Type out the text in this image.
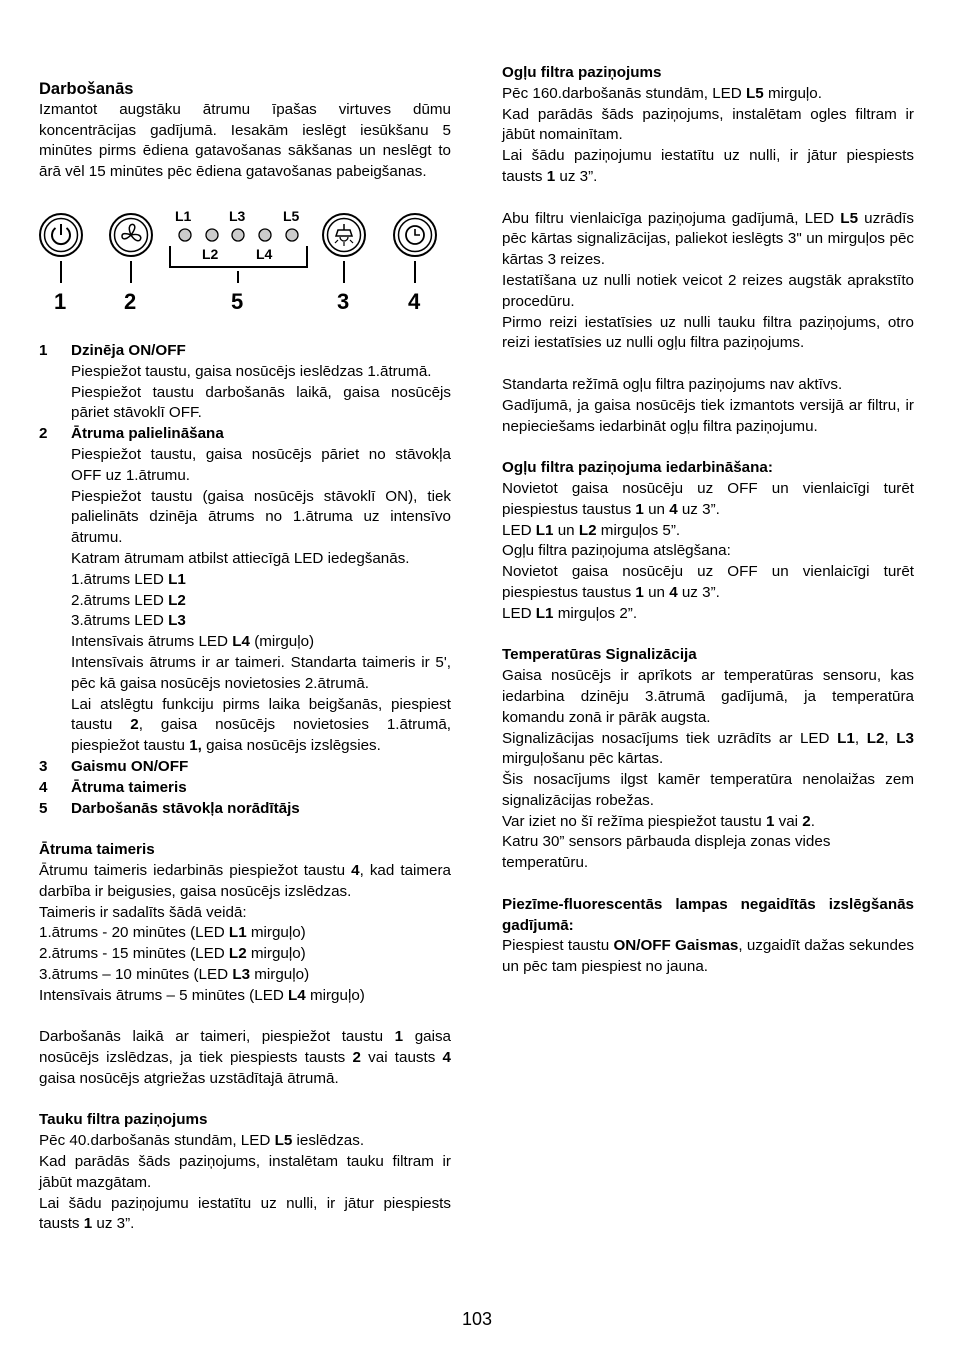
Darbošanās

Izmantot augstāku ātrumu īpašas virtuves dūmu koncentrācijas gadījumā. Iesakām ieslēgt iesūkšanu 5 minūtes pirms ēdiena gatavošanas sākšanas un neslēgt to ārā vēl 15 minūtes pēc ēdiena gatavošanas pabeigšanas.

L1	L3	L5
L2	L4
1	2	5	3	4
1 Dzinēja ON/OFF

Piespiežot taustu, gaisa nosūcējs ieslēdzas 1.ātrumā.

Piespiežot taustu darbošanās laikā, gaisa nosūcējs pāriet stāvoklī OFF.

2 Ātruma palielināšana

Piespiežot taustu, gaisa nosūcējs pāriet no stāvokļa OFF uz 1.ātrumu.

Piespiežot taustu (gaisa nosūcējs stāvoklī ON), tiek palielināts dzinēja ātrums no 1.ātruma uz intensīvo ātrumu.

Katram ātrumam atbilst attiecīgā LED iedegšanās.

1.ātrums LED L1

2.ātrums LED L2

3.ātrums LED L3

Intensīvais ātrums LED L4 (mirguļo)

Intensīvais ātrums ir ar taimeri. Standarta taimeris ir 5', pēc kā gaisa nosūcējs novietosies 2.ātrumā.

Lai atslēgtu funkciju pirms laika beigšanās, piespiest taustu 2, gaisa nosūcējs novietosies 1.ātrumā, piespiežot taustu 1, gaisa nosūcējs izslēgsies.

3 Gaismu ON/OFF
4 Ātruma taimeris
5 Darbošanās stāvokļa norādītājs

Ātruma taimeris

Ātrumu taimeris iedarbinās piespiežot taustu 4, kad taimera darbība ir beigusies, gaisa nosūcējs izslēdzas.

Taimeris ir sadalīts šādā veidā:

1.ātrums - 20 minūtes (LED L1 mirguļo)

2.ātrums - 15 minūtes (LED L2 mirguļo)

3.ātrums – 10 minūtes (LED L3 mirguļo)

Intensīvais ātrums – 5 minūtes (LED L4 mirguļo)

Darbošanās laikā ar taimeri, piespiežot taustu 1 gaisa nosūcējs izslēdzas, ja tiek piespiests tausts 2 vai tausts 4 gaisa nosūcējs atgriežas uzstādītajā ātrumā.

Tauku filtra paziņojums

Pēc 40.darbošanās stundām, LED L5 ieslēdzas.

Kad parādās šāds paziņojums, instalētam tauku filtram ir jābūt mazgātam.

Lai šādu paziņojumu iestatītu uz nulli, ir jātur piespiests tausts 1 uz 3”.

Ogļu filtra paziņojums

Pēc 160.darbošanās stundām, LED L5 mirguļo.

Kad parādās šāds paziņojums, instalētam ogles filtram ir jābūt nomainītam.

Lai šādu paziņojumu iestatītu uz nulli, ir jātur piespiests tausts 1 uz 3”.

Abu filtru vienlaicīga paziņojuma gadījumā, LED L5 uzrādīs pēc kārtas signalizācijas, paliekot ieslēgts 3" un mirguļos pēc kārtas 3 reizes.

Iestatīšana uz nulli notiek veicot 2 reizes augstāk aprakstīto procedūru.

Pirmo reizi iestatīsies uz nulli tauku filtra paziņojums, otro reizi iestatīsies uz nulli ogļu filtra paziņojums.

Standarta režīmā ogļu filtra paziņojums nav aktīvs.

Gadījumā, ja gaisa nosūcējs tiek izmantots versijā ar filtru, ir nepieciešams iedarbināt ogļu filtra paziņojumu.

Ogļu filtra paziņojuma iedarbināšana:

Novietot gaisa nosūcēju uz OFF un vienlaicīgi turēt piespiestus taustus 1 un 4 uz 3”.

LED L1 un L2 mirguļos 5”.

Ogļu filtra paziņojuma atslēgšana:

Novietot gaisa nosūcēju uz OFF un vienlaicīgi turēt piespiestus taustus 1 un 4 uz 3”.

LED L1 mirguļos 2”.

Temperatūras Signalizācija

Gaisa nosūcējs ir aprīkots ar temperatūras sensoru, kas iedarbina dzinēju 3.ātrumā gadījumā, ja temperatūra komandu zonā ir pārāk augsta.

Signalizācijas nosacījums tiek uzrādīts ar LED L1, L2, L3 mirguļošanu pēc kārtas.

Šis nosacījums ilgst kamēr temperatūra nenolaižas zem signalizācijas robežas.

Var iziet no šī režīma piespiežot taustu 1 vai 2.

Katru 30” sensors pārbauda displeja zonas vides temperatūru.

Piezīme-fluorescentās lampas negaidītās izslēgšanās gadījumā:

Piespiest taustu ON/OFF Gaismas, uzgaidīt dažas sekundes un pēc tam piespiest no jauna.

103
